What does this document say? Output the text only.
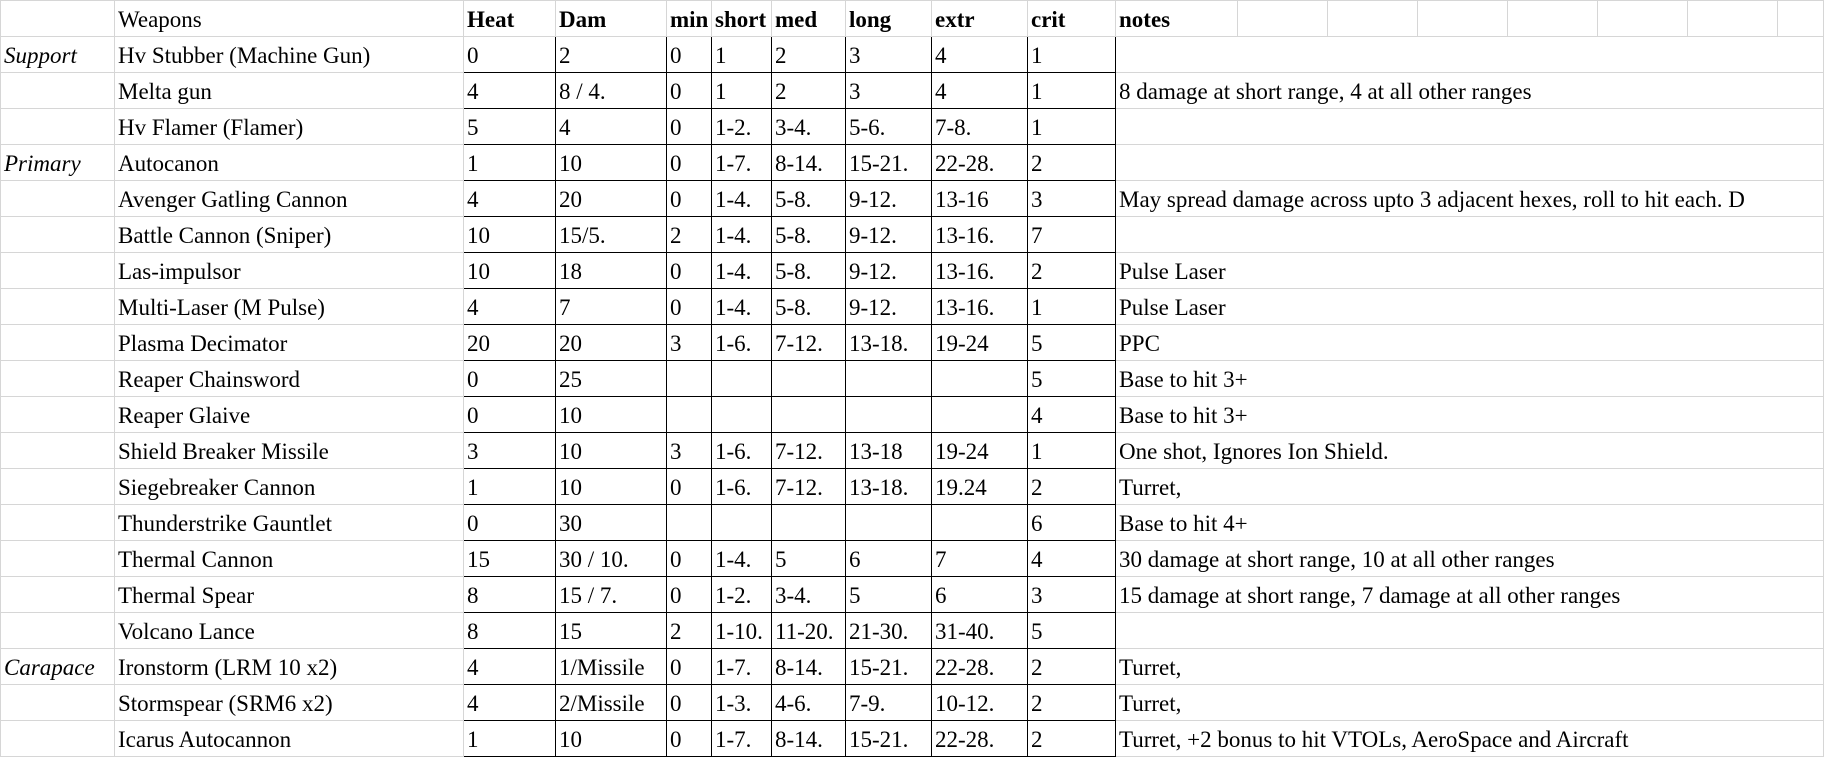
	Weapons	Heat	Dam	min	short	med	long	extr	crit	notes							
Support	Hv Stubber (Machine Gun)	0	2	0	1	2	3	4	1								
	Melta gun	4	8 / 4.	0	1	2	3	4	1	8 damage at short range, 4 at all other ranges							
	Hv Flamer (Flamer)	5	4	0	1-2.	3-4.	5-6.	7-8.	1								
Primary	Autocanon	1	10	0	1-7.	8-14.	15-21.	22-28.	2								
	Avenger Gatling Cannon	4	20	0	1-4.	5-8.	9-12.	13-16	3	May spread damage across upto 3 adjacent hexes, roll to hit each. D							
	Battle Cannon (Sniper)	10	15/5.	2	1-4.	5-8.	9-12.	13-16.	7								
	Las-impulsor	10	18	0	1-4.	5-8.	9-12.	13-16.	2	Pulse Laser							
	Multi-Laser (M Pulse)	4	7	0	1-4.	5-8.	9-12.	13-16.	1	Pulse Laser							
	Plasma Decimator	20	20	3	1-6.	7-12.	13-18.	19-24	5	PPC							
	Reaper Chainsword	0	25						5	Base to hit 3+							
	Reaper Glaive	0	10						4	Base to hit 3+							
	Shield Breaker Missile	3	10	3	1-6.	7-12.	13-18	19-24	1	One shot, Ignores Ion Shield.							
	Siegebreaker Cannon	1	10	0	1-6.	7-12.	13-18.	19.24	2	Turret,							
	Thunderstrike Gauntlet	0	30						6	Base to hit 4+							
	Thermal Cannon	15	30 / 10.	0	1-4.	5	6	7	4	30 damage at short range, 10 at all other ranges							
	Thermal Spear	8	15 / 7.	0	1-2.	3-4.	5	6	3	15 damage at short range, 7 damage at all other ranges							
	Volcano Lance	8	15	2	1-10.	11-20.	21-30.	31-40.	5								
Carapace	Ironstorm (LRM 10 x2)	4	1/Missile	0	1-7.	8-14.	15-21.	22-28.	2	Turret,							
	Stormspear (SRM6 x2)	4	2/Missile	0	1-3.	4-6.	7-9.	10-12.	2	Turret,							
	Icarus Autocannon	1	10	0	1-7.	8-14.	15-21.	22-28.	2	Turret, +2 bonus to hit VTOLs, AeroSpace and Aircraft							
